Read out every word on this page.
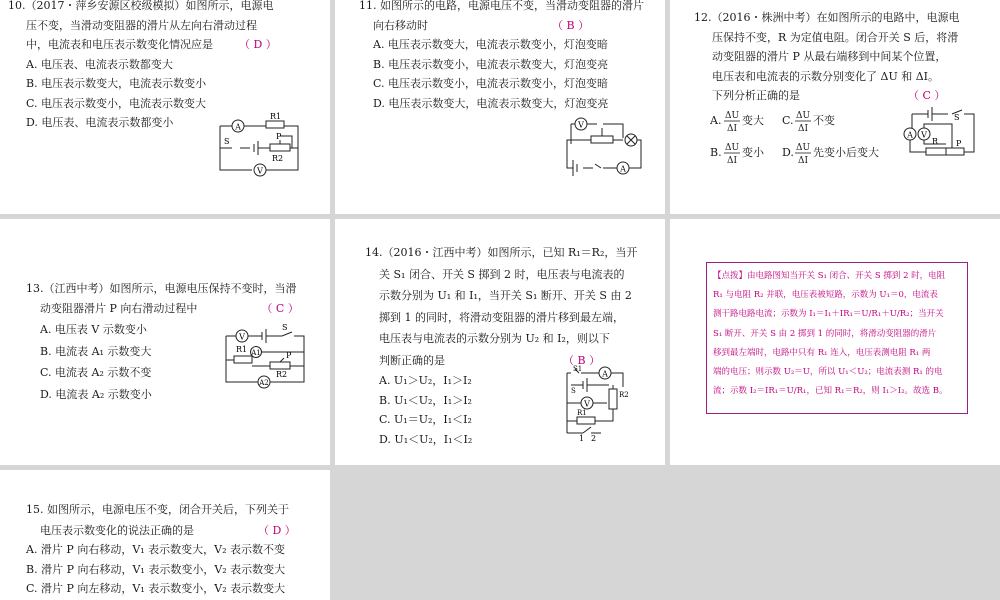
10.（2017・萍乡安源区校级模拟）如图所示，电源电
压不变，当滑动变阻器的滑片从左向右滑动过程
中，电流表和电压表示数变化情况应是 （ D ）
A. 电压表、电流表示数都变大
B. 电压表示数变大，电流表示数变小
C. 电压表示数变小，电流表示数变大
D. 电压表、电流表示数都变小	A
R1
P
R2
S
V
11. 如图所示的电路，电源电压不变，当滑动变阻器的滑片
向右移动时	（ B ）
A. 电压表示数变大，电流表示数变小，灯泡变暗
B. 电压表示数变小，电流表示数变大，灯泡变亮
C. 电压表示数变小，电流表示数变小，灯泡变暗
D. 电压表示数变大，电流表示数变大，灯泡变亮
V
A
12.（2016・株洲中考）在如图所示的电路中，电源电
压保持不变，R 为定值电阻。闭合开关 S 后，将滑
动变阻器的滑片 P 从最右端移到中间某个位置，
电压表和电流表的示数分别变化了 ΔU 和 ΔI。
下列分析正确的是	（ C ）
A. ΔU
ΔI
变大 C. ΔU
ΔI
不变
B. ΔU
ΔI
变小 D. ΔU
ΔI
先变小后变大
A V
S
R P
13.（江西中考）如图所示，电源电压保持不变时，当滑
动变阻器滑片 P 向右滑动过程中	（ C ）
A. 电压表 V 示数变小
B. 电流表 A₁ 示数变大
C. 电流表 A₂ 示数不变
D. 电流表 A₂ 示数变小
V
A1
A2
S
R1
P
R2
14.（2016・江西中考）如图所示，已知 R₁＝R₂，当开
关 S₁ 闭合、开关 S 掷到 2 时，电压表与电流表的
示数分别为 U₁ 和 I₁，当开关 S₁ 断开、开关 S 由 2
掷到 1 的同时，将滑动变阻器的滑片移到最左端，
电压表与电流表的示数分别为 U₂ 和 I₂，则以下
判断正确的是	（ B ）
A. U₁＞U₂，I₁＞I₂
B. U₁＜U₂，I₁＞I₂
C. U₁＝U₂，I₁＜I₂
D. U₁＜U₂，I₁＜I₂
S1
A
V
R2
R1
S
1 2
【点拨】由电路图知当开关 S₁ 闭合、开关 S 掷到 2 时，电阻
R₁ 与电阻 R₂ 并联，电压表被短路，示数为 U₁＝0，电流表
测干路电路电流；示数为 I₁＝I₁＋IR₁＝U/R₁＋U/R₂；当开关
S₁ 断开、开关 S 由 2 掷到 1 的同时，将滑动变阻器的滑片
移到最左端时，电路中只有 R₁ 连入，电压表测电阻 R₁ 两
端的电压；则示数 U₂＝U，所以 U₁＜U₂；电流表测 R₁ 的电
流；示数 I₂＝IR₁＝U/R₁，已知 R₁＝R₂，则 I₁＞I₂。故选 B。
15. 如图所示，电源电压不变，闭合开关后，下列关于
电压表示数变化的说法正确的是	（ D ）
A. 滑片 P 向右移动，V₁ 表示数变大，V₂ 表示数不变
B. 滑片 P 向右移动，V₁ 表示数变小，V₂ 表示数变大
C. 滑片 P 向左移动，V₁ 表示数变小，V₂ 表示数变大
